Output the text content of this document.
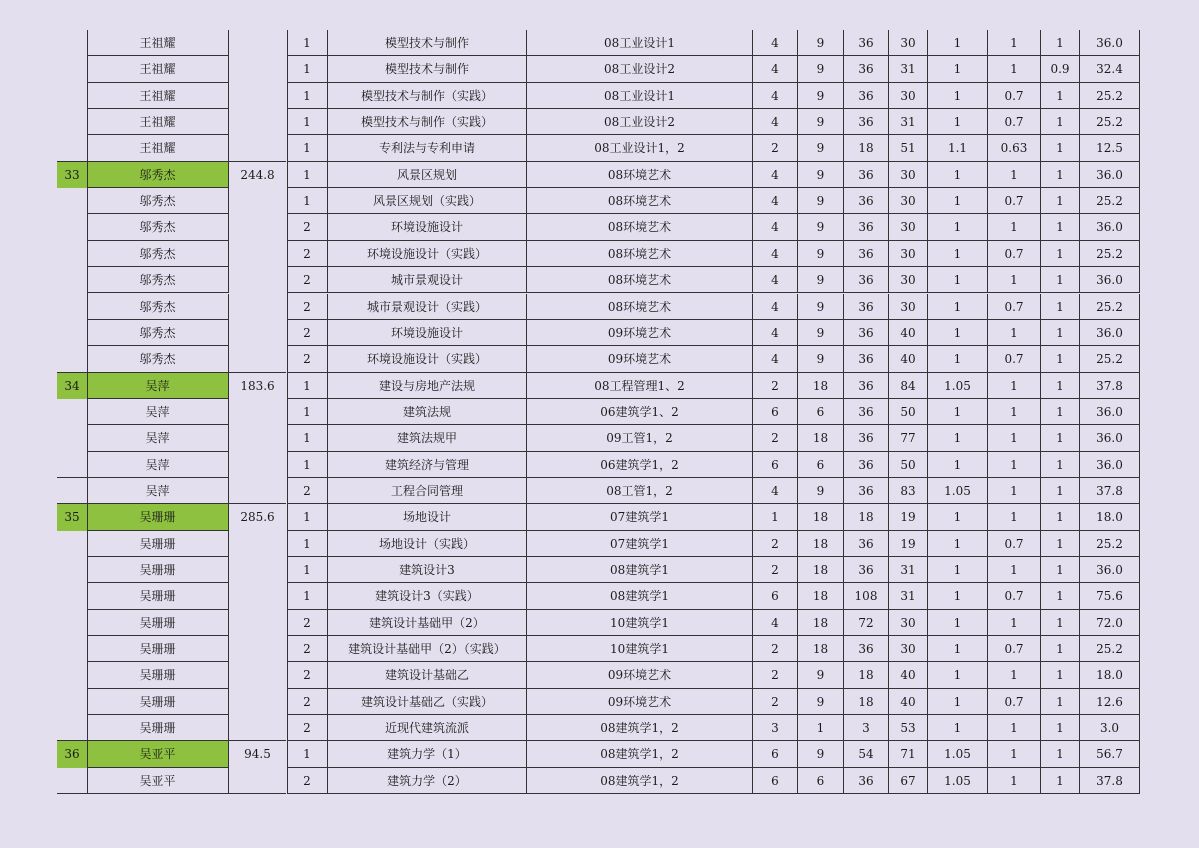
王祖耀	1	模型技术与制作	08工业设计1	4	9	36	30	1	1	1	36.0
王祖耀	1	模型技术与制作	08工业设计2	4	9	36	31	1	1	0.9	32.4
王祖耀	1	模型技术与制作（实践）	08工业设计1	4	9	36	30	1	0.7	1	25.2
王祖耀	1	模型技术与制作（实践）	08工业设计2	4	9	36	31	1	0.7	1	25.2
王祖耀	1	专利法与专利申请	08工业设计1，2	2	9	18	51	1.1	0.63	1	12.5
33	邬秀杰	244.8	1	风景区规划	08环境艺术	4	9	36	30	1	1	1	36.0
邬秀杰	1	风景区规划（实践）	08环境艺术	4	9	36	30	1	0.7	1	25.2
邬秀杰	2	环境设施设计	08环境艺术	4	9	36	30	1	1	1	36.0
邬秀杰	2	环境设施设计（实践）	08环境艺术	4	9	36	30	1	0.7	1	25.2
邬秀杰	2	城市景观设计	08环境艺术	4	9	36	30	1	1	1	36.0
邬秀杰	2	城市景观设计（实践）	08环境艺术	4	9	36	30	1	0.7	1	25.2
邬秀杰	2	环境设施设计	09环境艺术	4	9	36	40	1	1	1	36.0
邬秀杰	2	环境设施设计（实践）	09环境艺术	4	9	36	40	1	0.7	1	25.2
34	吴萍	183.6	1	建设与房地产法规	08工程管理1、2	2	18	36	84	1.05	1	1	37.8
吴萍	1	建筑法规	06建筑学1、2	6	6	36	50	1	1	1	36.0
吴萍	1	建筑法规甲	09工管1，2	2	18	36	77	1	1	1	36.0
吴萍	1	建筑经济与管理	06建筑学1，2	6	6	36	50	1	1	1	36.0
吴萍	2	工程合同管理	08工管1，2	4	9	36	83	1.05	1	1	37.8
35	吴珊珊	285.6	1	场地设计	07建筑学1	1	18	18	19	1	1	1	18.0
吴珊珊	1	场地设计（实践）	07建筑学1	2	18	36	19	1	0.7	1	25.2
吴珊珊	1	建筑设计3	08建筑学1	2	18	36	31	1	1	1	36.0
吴珊珊	1	建筑设计3（实践）	08建筑学1	6	18	108	31	1	0.7	1	75.6
吴珊珊	2	建筑设计基础甲（2）	10建筑学1	4	18	72	30	1	1	1	72.0
吴珊珊	2	建筑设计基础甲（2）（实践）	10建筑学1	2	18	36	30	1	0.7	1	25.2
吴珊珊	2	建筑设计基础乙	09环境艺术	2	9	18	40	1	1	1	18.0
吴珊珊	2	建筑设计基础乙（实践）	09环境艺术	2	9	18	40	1	0.7	1	12.6
吴珊珊	2	近现代建筑流派	08建筑学1，2	3	1	3	53	1	1	1	3.0
36	吴亚平	94.5	1	建筑力学（1）	08建筑学1，2	6	9	54	71	1.05	1	1	56.7
吴亚平	2	建筑力学（2）	08建筑学1，2	6	6	36	67	1.05	1	1	37.8
